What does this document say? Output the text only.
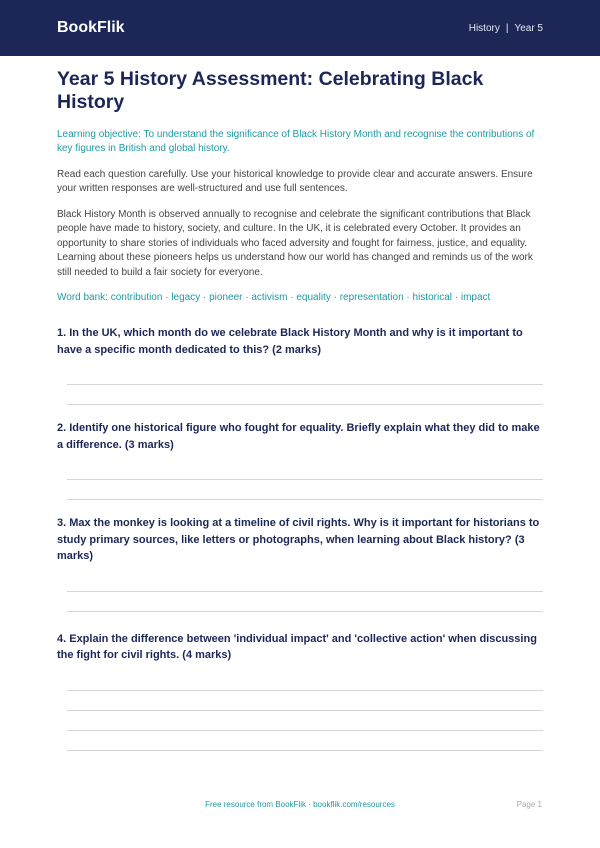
BookFlik	History | Year 5
Year 5 History Assessment: Celebrating Black History

Learning objective: To understand the significance of Black History Month and recognise the contributions of key figures in British and global history.

Read each question carefully. Use your historical knowledge to provide clear and accurate answers. Ensure your written responses are well-structured and use full sentences.

Black History Month is observed annually to recognise and celebrate the significant contributions that Black people have made to history, society, and culture. In the UK, it is celebrated every October. It provides an opportunity to share stories of individuals who faced adversity and fought for fairness, justice, and equality. Learning about these pioneers helps us understand how our world has changed and reminds us of the work still needed to build a fair society for everyone.

Word bank: contribution · legacy · pioneer · activism · equality · representation · historical · impact

1. In the UK, which month do we celebrate Black History Month and why is it important to have a specific month dedicated to this? (2 marks)
2. Identify one historical figure who fought for equality. Briefly explain what they did to make a difference. (3 marks)
3. Max the monkey is looking at a timeline of civil rights. Why is it important for historians to study primary sources, like letters or photographs, when learning about Black history? (3 marks)
4. Explain the difference between 'individual impact' and 'collective action' when discussing the fight for civil rights. (4 marks)
Free resource from BookFlik · bookflik.com/resources	Page 1
